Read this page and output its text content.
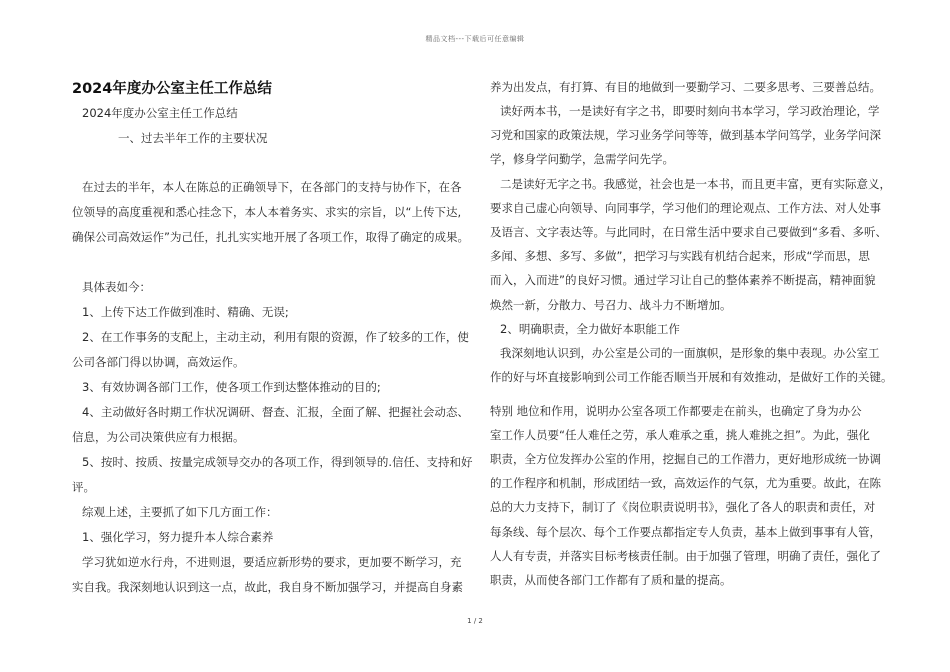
精品文档---下载后可任意编辑
2024年度办公室主任工作总结
2024年度办公室主任工作总结
一、过去半年工作的主要状况
在过去的半年，本人在陈总的正确领导下，在各部门的支持与协作下，在各
位领导的高度重视和悉心挂念下，本人本着务实、求实的宗旨，以“上传下达,
确保公司高效运作”为己任，扎扎实实地开展了各项工作，取得了确定的成果。
具体表如今：
1、上传下达工作做到准时、精确、无误;
2、在工作事务的支配上，主动主动，利用有限的资源，作了较多的工作，使
公司各部门得以协调，高效运作。
3、有效协调各部门工作，使各项工作到达整体推动的目的;
4、主动做好各时期工作状况调研、督查、汇报，全面了解、把握社会动态、
信息，为公司决策供应有力根据。
5、按时、按质、按量完成领导交办的各项工作，得到领导的.信任、支持和好
评。
综观上述，主要抓了如下几方面工作：
1、强化学习，努力提升本人综合素养
学习犹如逆水行舟，不进则退，要适应新形势的要求，更加要不断学习，充
实自我。我深刻地认识到这一点，故此，我自身不断加强学习，并提高自身素
养为出发点，有打算、有目的地做到一要勤学习、二要多思考、三要善总结。
读好两本书，一是读好有字之书，即要时刻向书本学习，学习政治理论，学
习党和国家的政策法规，学习业务学问等等，做到基本学问笃学，业务学问深
学，修身学问勤学，急需学问先学。
二是读好无字之书。我感觉，社会也是一本书，而且更丰富，更有实际意义，
要求自己虚心向领导、向同事学，学习他们的理论观点、工作方法、对人处事
及语言、文字表达等。与此同时，在日常生活中要求自己要做到“多看、多听、
多闻、多想、多写、多做”，把学习与实践有机结合起来，形成“学而思，思
而入，入而进”的良好习惯。通过学习让自己的整体素养不断提高，精神面貌
焕然一新，分散力、号召力、战斗力不断增加。
2、明确职责，全力做好本职能工作
我深刻地认识到，办公室是公司的一面旗帜，是形象的集中表现。办公室工
作的好与坏直接影响到公司工作能否顺当开展和有效推动，是做好工作的关键。
特别 地位和作用，说明办公室各项工作都要走在前头，也确定了身为办公
室工作人员要“任人难任之劳，承人难承之重，挑人难挑之担”。为此，强化
职责，全方位发挥办公室的作用，挖掘自己的工作潜力，更好地形成统一协调
的工作程序和机制，形成团结一致，高效运作的气氛，尤为重要。故此，在陈
总的大力支持下，制订了《岗位职责说明书》，强化了各人的职责和责任，对
每条线、每个层次、每个工作要点都指定专人负责，基本上做到事事有人管，
人人有专责，并落实目标考核责任制。由于加强了管理，明确了责任，强化了
职责，从而使各部门工作都有了质和量的提高。
1 / 2
